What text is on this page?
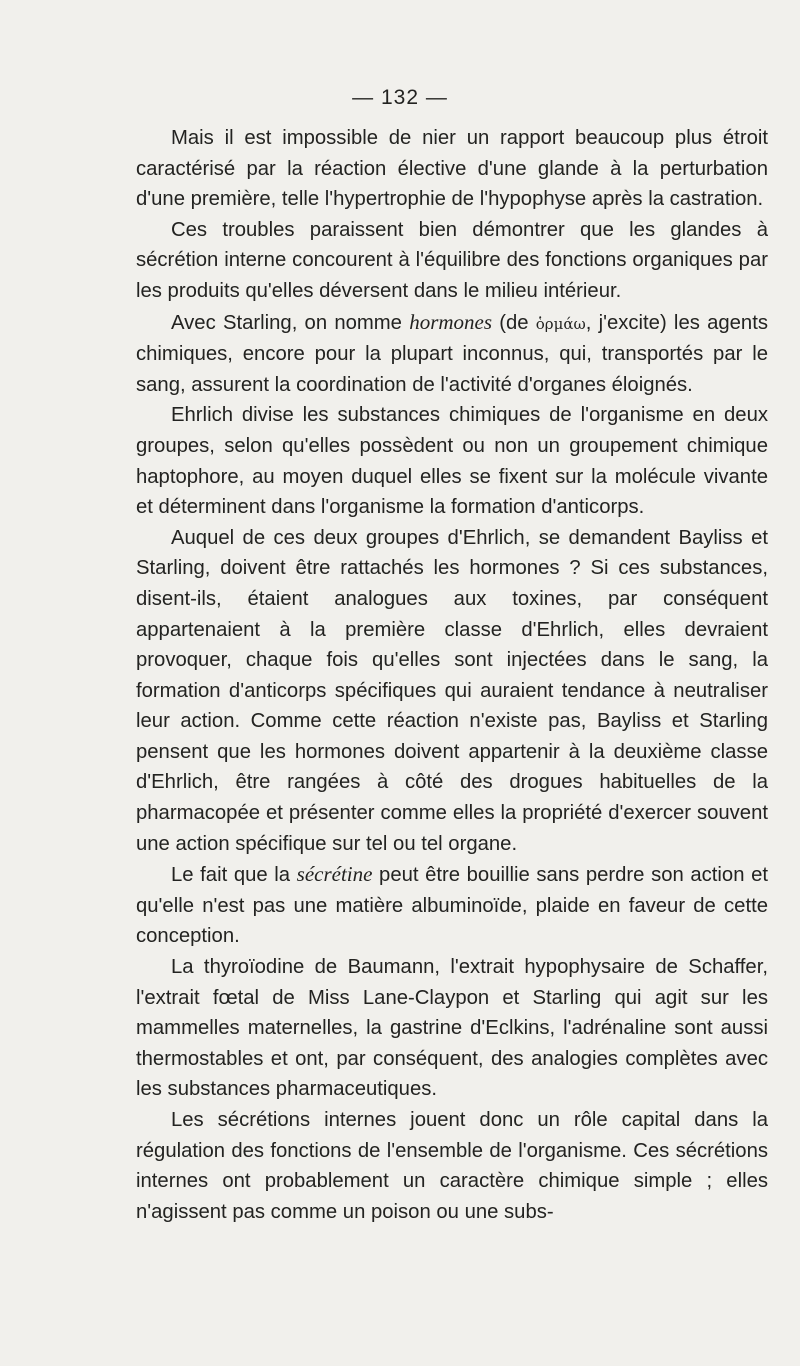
— 132 —

Mais il est impossible de nier un rapport beaucoup plus étroit caractérisé par la réaction élective d'une glande à la perturbation d'une première, telle l'hypertrophie de l'hypophyse après la castration.

Ces troubles paraissent bien démontrer que les glandes à sécrétion interne concourent à l'équilibre des fonctions organiques par les produits qu'elles déversent dans le milieu intérieur.

Avec Starling, on nomme hormones (de ὁρμάω, j'excite) les agents chimiques, encore pour la plupart inconnus, qui, transportés par le sang, assurent la coordination de l'activité d'organes éloignés.

Ehrlich divise les substances chimiques de l'organisme en deux groupes, selon qu'elles possèdent ou non un groupement chimique haptophore, au moyen duquel elles se fixent sur la molécule vivante et déterminent dans l'organisme la formation d'anticorps.

Auquel de ces deux groupes d'Ehrlich, se demandent Bayliss et Starling, doivent être rattachés les hormones ? Si ces substances, disent-ils, étaient analogues aux toxines, par conséquent appartenaient à la première classe d'Ehrlich, elles devraient provoquer, chaque fois qu'elles sont injectées dans le sang, la formation d'anticorps spécifiques qui auraient tendance à neutraliser leur action. Comme cette réaction n'existe pas, Bayliss et Starling pensent que les hormones doivent appartenir à la deuxième classe d'Ehrlich, être rangées à côté des drogues habituelles de la pharmacopée et présenter comme elles la propriété d'exercer souvent une action spécifique sur tel ou tel organe.

Le fait que la sécrétine peut être bouillie sans perdre son action et qu'elle n'est pas une matière albuminoïde, plaide en faveur de cette conception.

La thyroïodine de Baumann, l'extrait hypophysaire de Schaffer, l'extrait fœtal de Miss Lane-Claypon et Starling qui agit sur les mammelles maternelles, la gastrine d'Eclkins, l'adrénaline sont aussi thermostables et ont, par conséquent, des analogies complètes avec les substances pharmaceutiques.

Les sécrétions internes jouent donc un rôle capital dans la régulation des fonctions de l'ensemble de l'organisme. Ces sécrétions internes ont probablement un caractère chimique simple ; elles n'agissent pas comme un poison ou une subs-
